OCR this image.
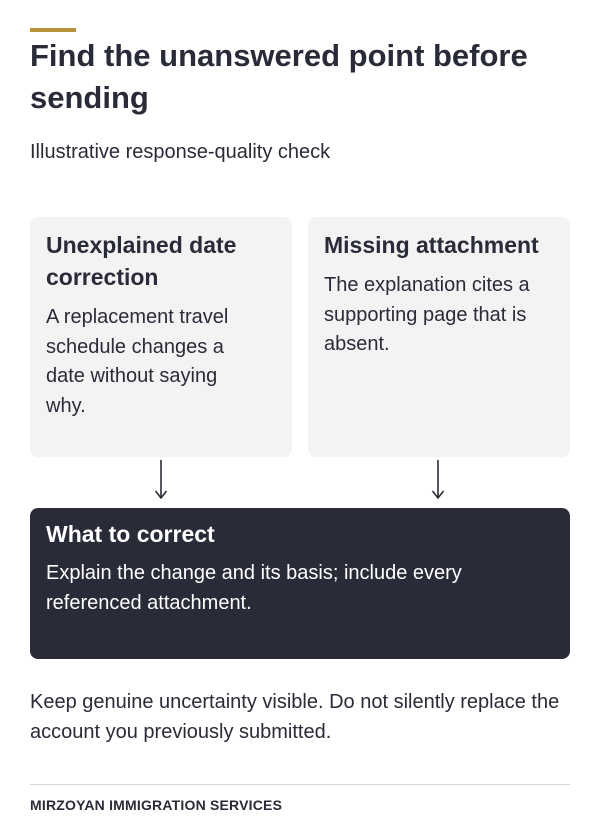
Find the unanswered point before sending

Illustrative response-quality check

Unexplained date correction
A replacement travel schedule changes a date without saying why.
Missing attachment
The explanation cites a supporting page that is absent.
What to correct
Explain the change and its basis; include every referenced attachment.

Keep genuine uncertainty visible. Do not silently replace the account you previously submitted.

MIRZOYAN IMMIGRATION SERVICES
